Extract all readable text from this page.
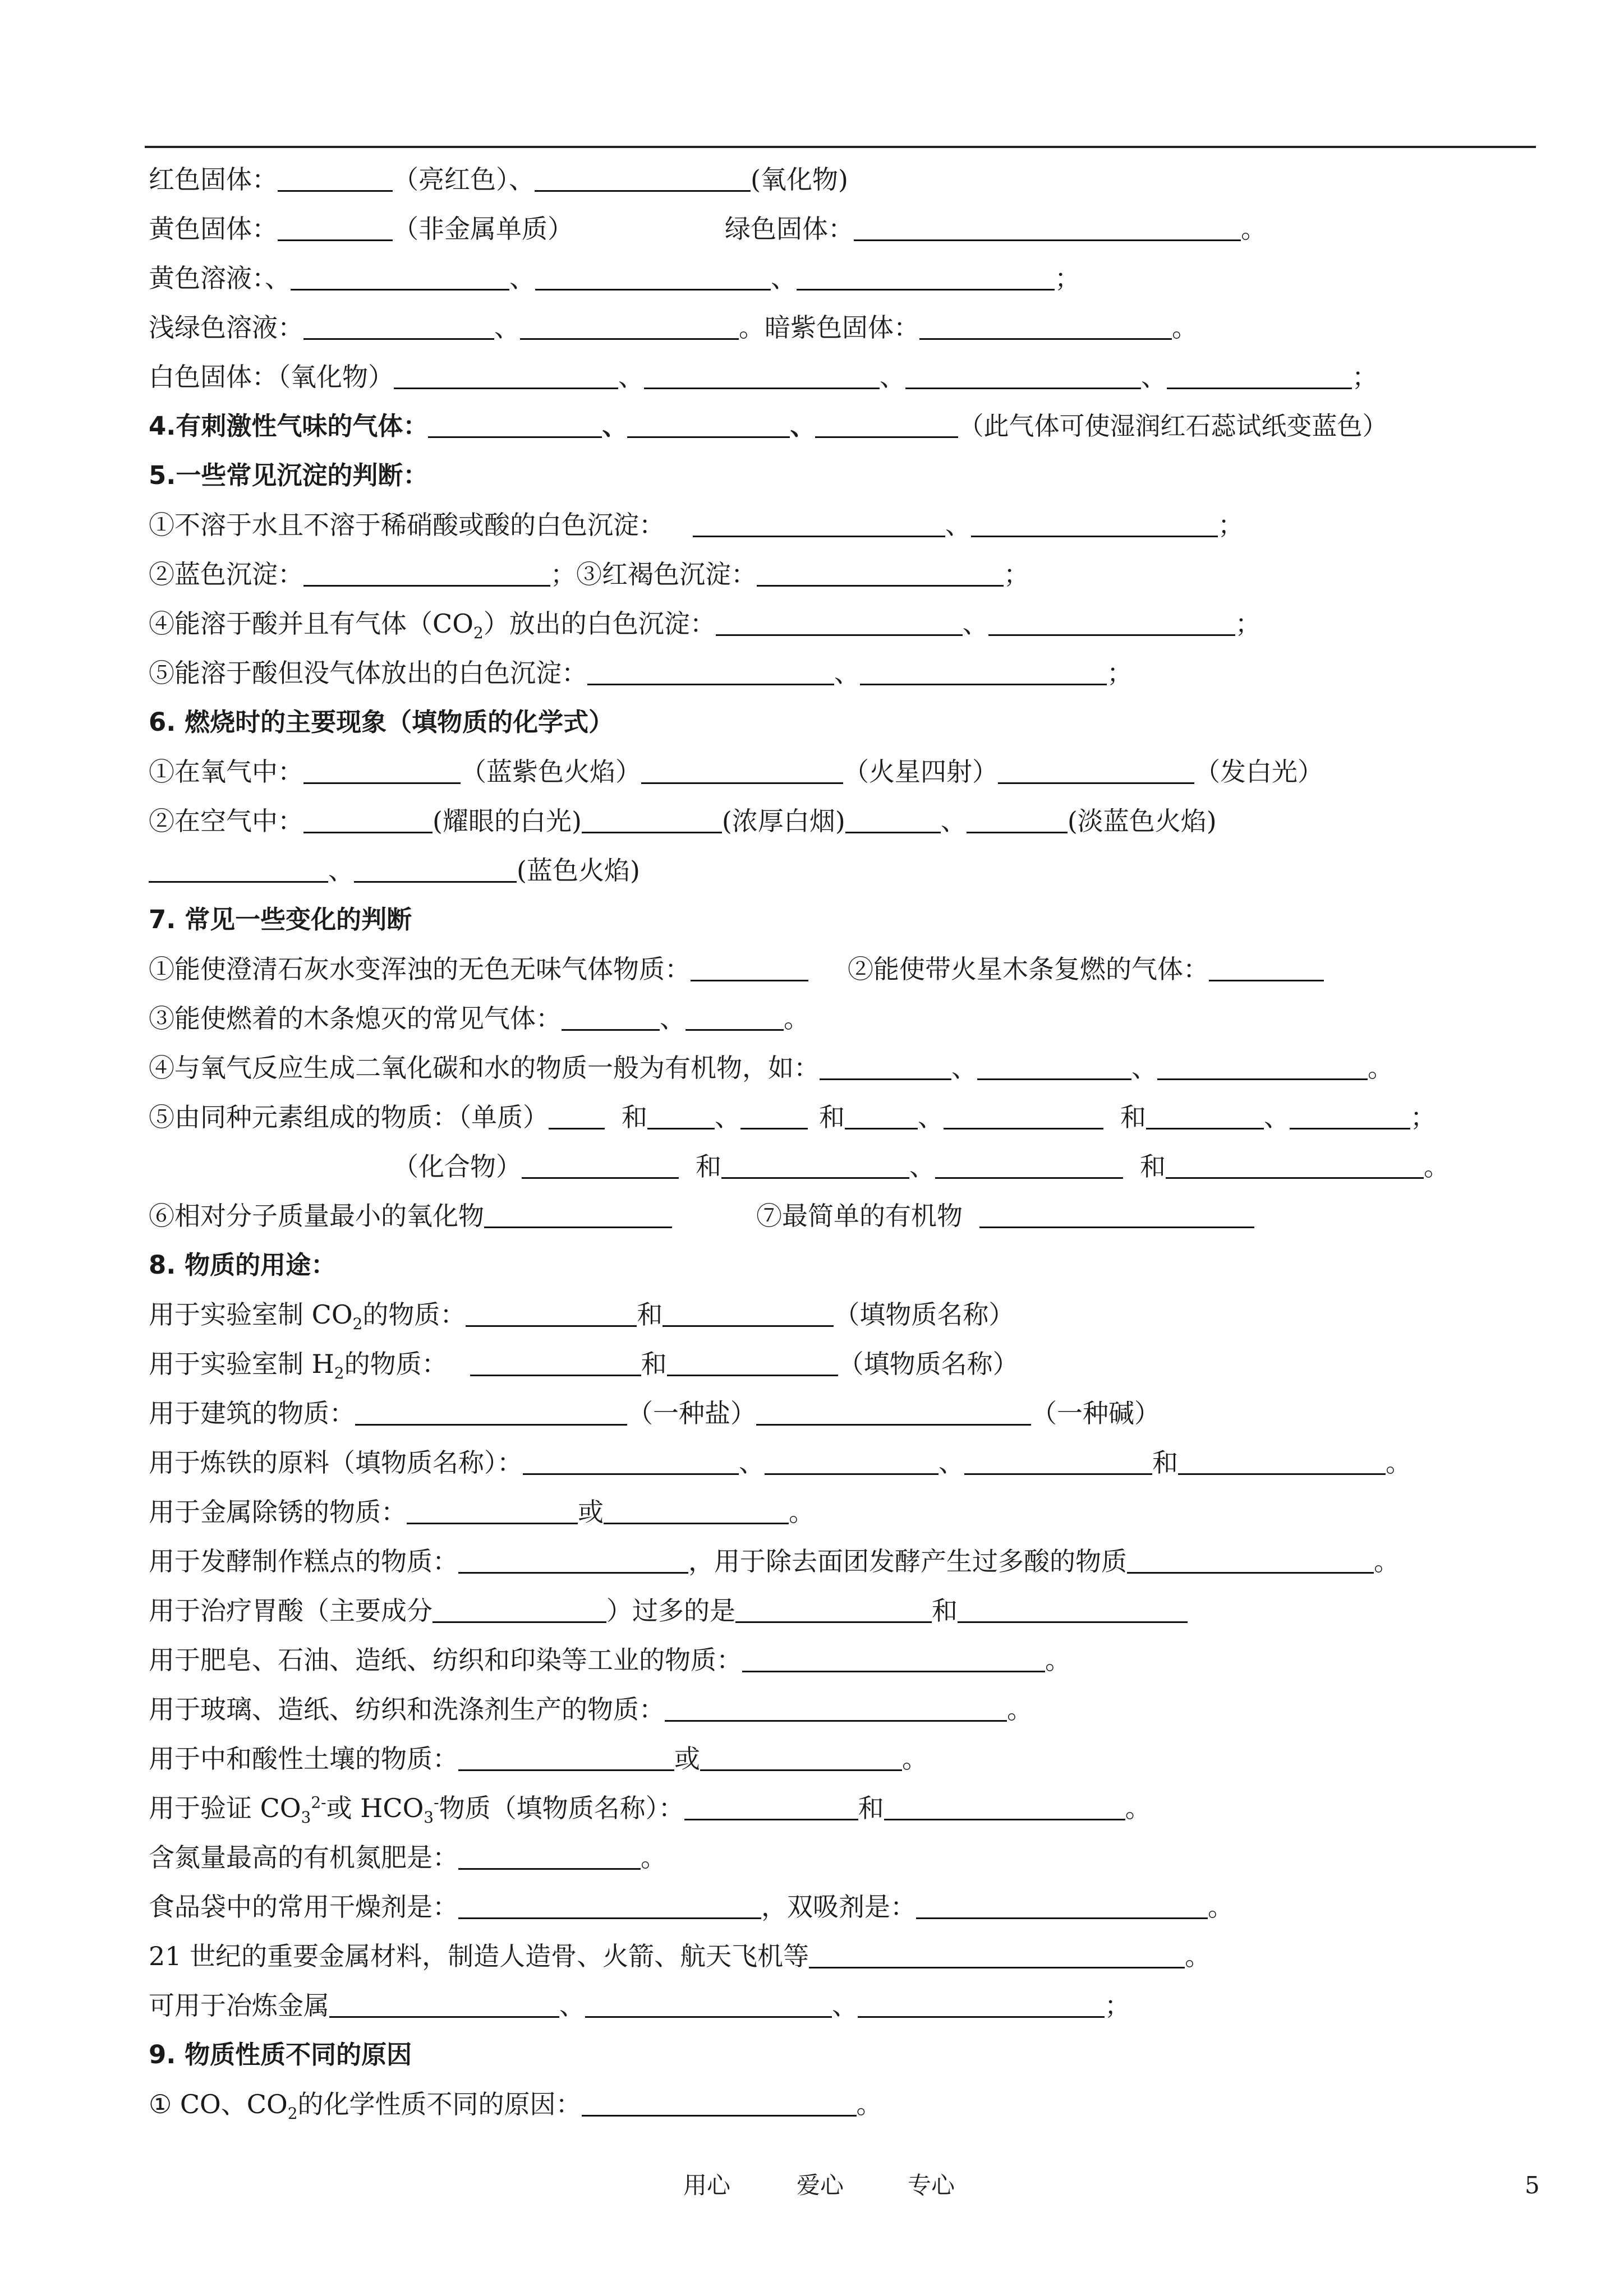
红色固体：	（亮红色）、	(氧化物)
黄色固体：	（非金属单质）	绿色固体：	。
黄色溶液：、	、	、	；
浅绿色溶液：	、	。暗紫色固体：	。
白色固体：（氧化物）	、	、	、	；
4.有刺激性气味的气体：	、	、	（此气体可使湿润红石蕊试纸变蓝色）
5.一些常见沉淀的判断：
①不溶于水且不溶于稀硝酸或酸的白色沉淀：	、	；
②蓝色沉淀：	；③红褐色沉淀：	；
④能溶于酸并且有气体$(CO_2)$放出的白色沉淀：	、	；
⑤能溶于酸但没气体放出的白色沉淀：	、	；
6. 燃烧时的主要现象（填物质的化学式）
①在氧气中：	（蓝紫色火焰）	（火星四射）	（发白光）
②在空气中：	(耀眼的白光)	(浓厚白烟)	、	(淡蓝色火焰)
、	(蓝色火焰)
7. 常见一些变化的判断
①能使澄清石灰水变浑浊的无色无味气体物质：	②能使带火星木条复燃的气体：
③能使燃着的木条熄灭的常见气体：	、	。
④与氧气反应生成二氧化碳和水的物质一般为有机物，如：	、	、	。
⑤由同种元素组成的物质：（单质）	和	、	和	、	和	、	；
（化合物）	和	、	和	。
⑥相对分子质量最小的氧化物	⑦最简单的有机物
8. 物质的用途：
用于实验室制 $CO_2$的物质：	和	（填物质名称）
用于实验室制 $H_2$的物质：	和	（填物质名称）
用于建筑的物质：	（一种盐）	（一种碱）
用于炼铁的原料（填物质名称）：	、	、	和	。
用于金属除锈的物质：	或	。
用于发酵制作糕点的物质：	，用于除去面团发酵产生过多酸的物质	。
用于治疗胃酸（主要成分	）过多的是	和
用于肥皂、石油、造纸、纺织和印染等工业的物质：	。
用于玻璃、造纸、纺织和洗涤剂生产的物质：	。
用于中和酸性土壤的物质：	或	。
用于验证 $CO_3^{2-}$或 $HCO_3^-$物质（填物质名称）：	和	。
含氮量最高的有机氮肥是：	。
食品袋中的常用干燥剂是：	，双吸剂是：	。
21 世纪的重要金属材料，制造人造骨、火箭、航天飞机等	。
可用于冶炼金属	、	、	；
9. 物质性质不同的原因
① CO、$CO_2$的化学性质不同的原因：	。
用心	爱心	专心	5
